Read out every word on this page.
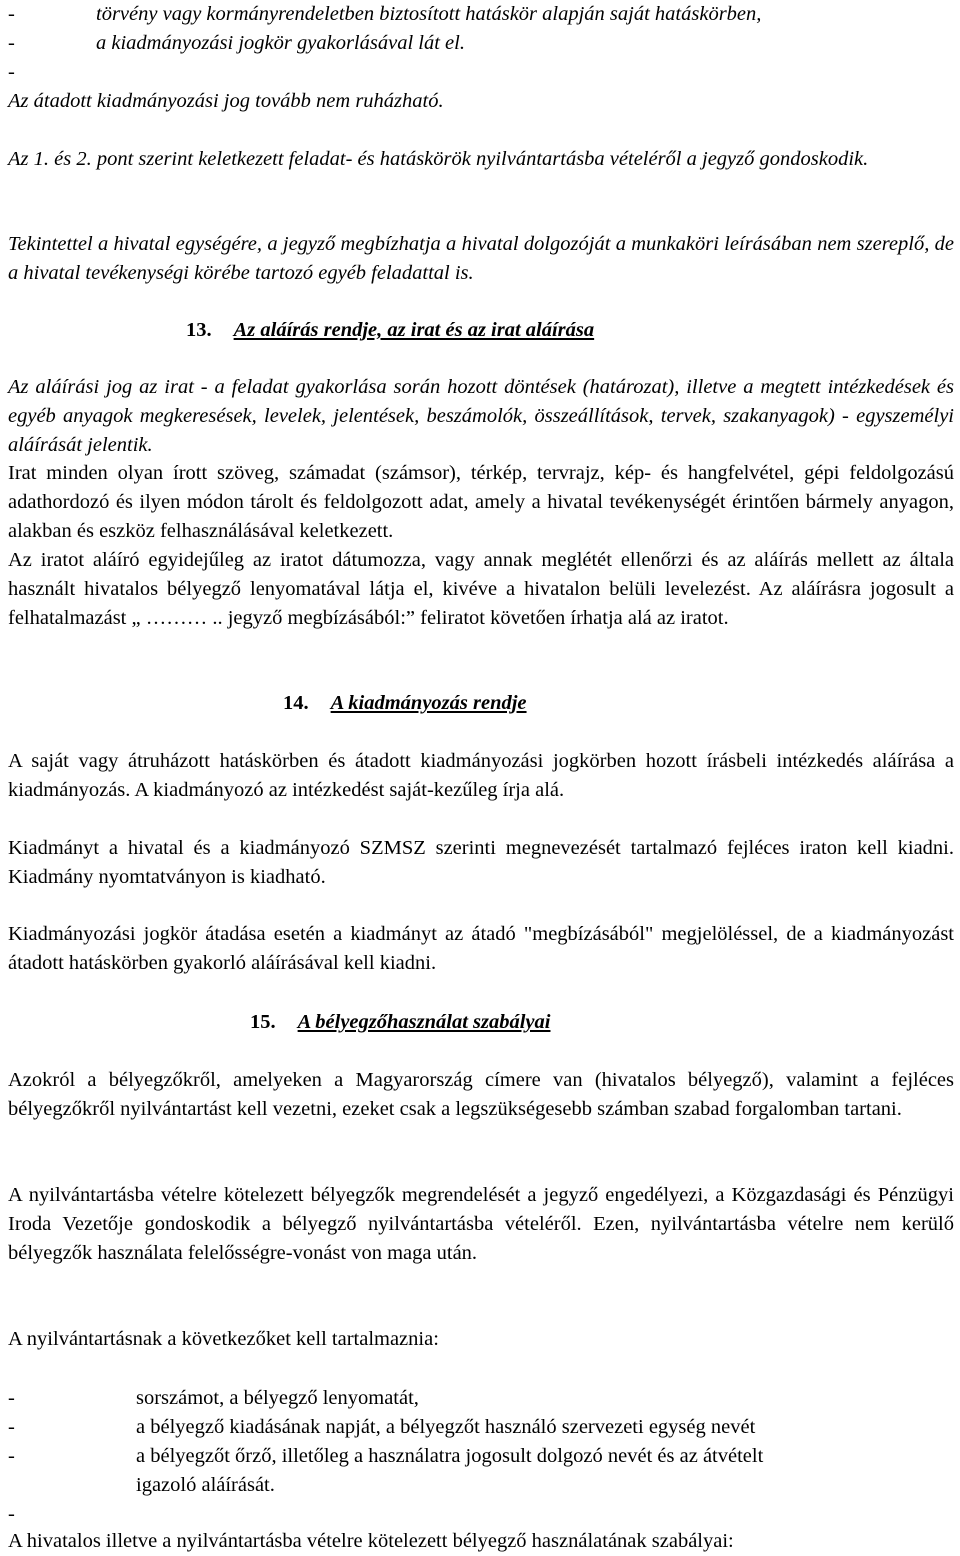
-	törvény vagy kormányrendeletben biztosított hatáskör alapján saját hatáskörben,
-	a kiadmányozási jogkör gyakorlásával lát el.
-

Az átadott kiadmányozási jog tovább nem ruházható.

Az 1. és 2. pont szerint keletkezett feladat- és hatáskörök nyilvántartásba vételéről a jegyző gondoskodik.

Tekintettel a hivatal egységére, a jegyző megbízhatja a hivatal dolgozóját a munkaköri leírásában nem szereplő, de a hivatal tevékenységi körébe tartozó egyéb feladattal is.

13. Az aláírás rendje, az irat és az irat aláírása

Az aláírási jog az irat - a feladat gyakorlása során hozott döntések (határozat), illetve a megtett intézkedések és egyéb anyagok megkeresések, levelek, jelentések, beszámolók, összeállítások, tervek, szakanyagok) - egyszemélyi aláírását jelentik.

Irat minden olyan írott szöveg, számadat (számsor), térkép, tervrajz, kép- és hangfelvétel, gépi feldolgozású adathordozó és ilyen módon tárolt és feldolgozott adat, amely a hivatal tevékenységét érintően bármely anyagon, alakban és eszköz felhasználásával keletkezett.

Az iratot aláíró egyidejűleg az iratot dátumozza, vagy annak meglétét ellenőrzi és az aláírás mellett az általa használt hivatalos bélyegző lenyomatával látja el, kivéve a hivatalon belüli levelezést. Az aláírásra jogosult a felhatalmazást „ ……… .. jegyző megbízásából:” feliratot követően írhatja alá az iratot.

14. A kiadmányozás rendje

A saját vagy átruházott hatáskörben és átadott kiadmányozási jogkörben hozott írásbeli intézkedés aláírása a kiadmányozás. A kiadmányozó az intézkedést saját-kezűleg írja alá.

Kiadmányt a hivatal és a kiadmányozó SZMSZ szerinti megnevezését tartalmazó fejléces iraton kell kiadni. Kiadmány nyomtatványon is kiadható.

Kiadmányozási jogkör átadása esetén a kiadmányt az átadó "megbízásából" megjelöléssel, de a kiadmányozást átadott hatáskörben gyakorló aláírásával kell kiadni.

15. A bélyegzőhasználat szabályai

Azokról a bélyegzőkről, amelyeken a Magyarország címere van (hivatalos bélyegző), valamint a fejléces bélyegzőkről nyilvántartást kell vezetni, ezeket csak a legszükségesebb számban szabad forgalomban tartani.

A nyilvántartásba vételre kötelezett bélyegzők megrendelését a jegyző engedélyezi, a Közgazdasági és Pénzügyi Iroda Vezetője gondoskodik a bélyegző nyilvántartásba vételéről. Ezen, nyilvántartásba vételre nem kerülő bélyegzők használata felelősségre-vonást von maga után.

A nyilvántartásnak a következőket kell tartalmaznia:

-	sorszámot, a bélyegző lenyomatát,
-	a bélyegző kiadásának napját, a bélyegzőt használó szervezeti egység nevét
-	a bélyegzőt őrző, illetőleg a használatra jogosult dolgozó nevét és az átvételt
igazoló aláírását.
-

A hivatalos illetve a nyilvántartásba vételre kötelezett bélyegző használatának szabályai:
